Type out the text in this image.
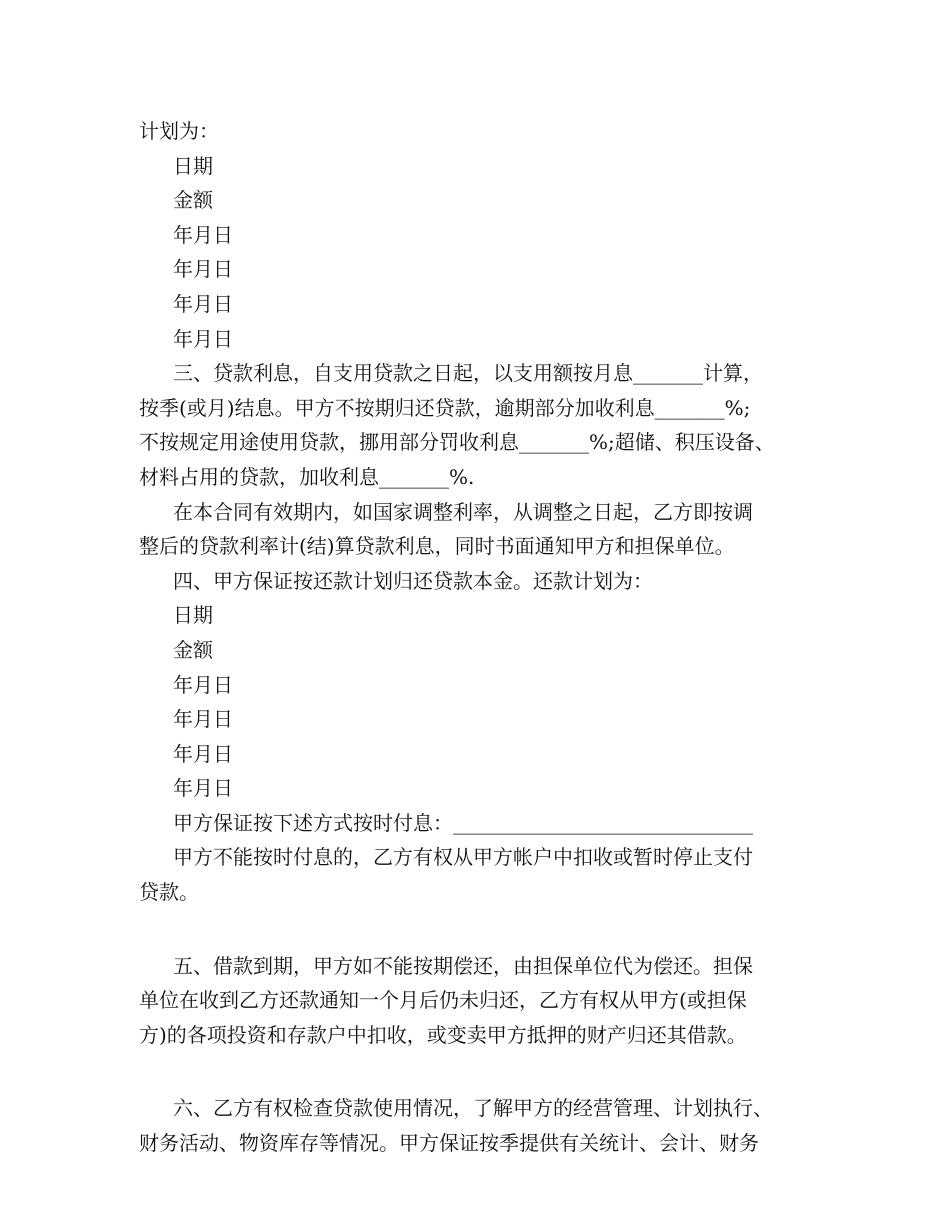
计划为：

日期

金额

年月日

年月日

年月日

年月日

三、贷款利息，自支用贷款之日起，以支用额按月息_______计算，

按季(或月)结息。甲方不按期归还贷款，逾期部分加收利息_______%;

不按规定用途使用贷款，挪用部分罚收利息_______%;超储、积压设备、

材料占用的贷款，加收利息_______%.

在本合同有效期内，如国家调整利率，从调整之日起，乙方即按调

整后的贷款利率计(结)算贷款利息，同时书面通知甲方和担保单位。

四、甲方保证按还款计划归还贷款本金。还款计划为：

日期

金额

年月日

年月日

年月日

年月日

甲方保证按下述方式按时付息：______________________________

甲方不能按时付息的，乙方有权从甲方帐户中扣收或暂时停止支付

贷款。

五、借款到期，甲方如不能按期偿还，由担保单位代为偿还。担保

单位在收到乙方还款通知一个月后仍未归还，乙方有权从甲方(或担保

方)的各项投资和存款户中扣收，或变卖甲方抵押的财产归还其借款。

六、乙方有权检查贷款使用情况，了解甲方的经营管理、计划执行、

财务活动、物资库存等情况。甲方保证按季提供有关统计、会计、财务
